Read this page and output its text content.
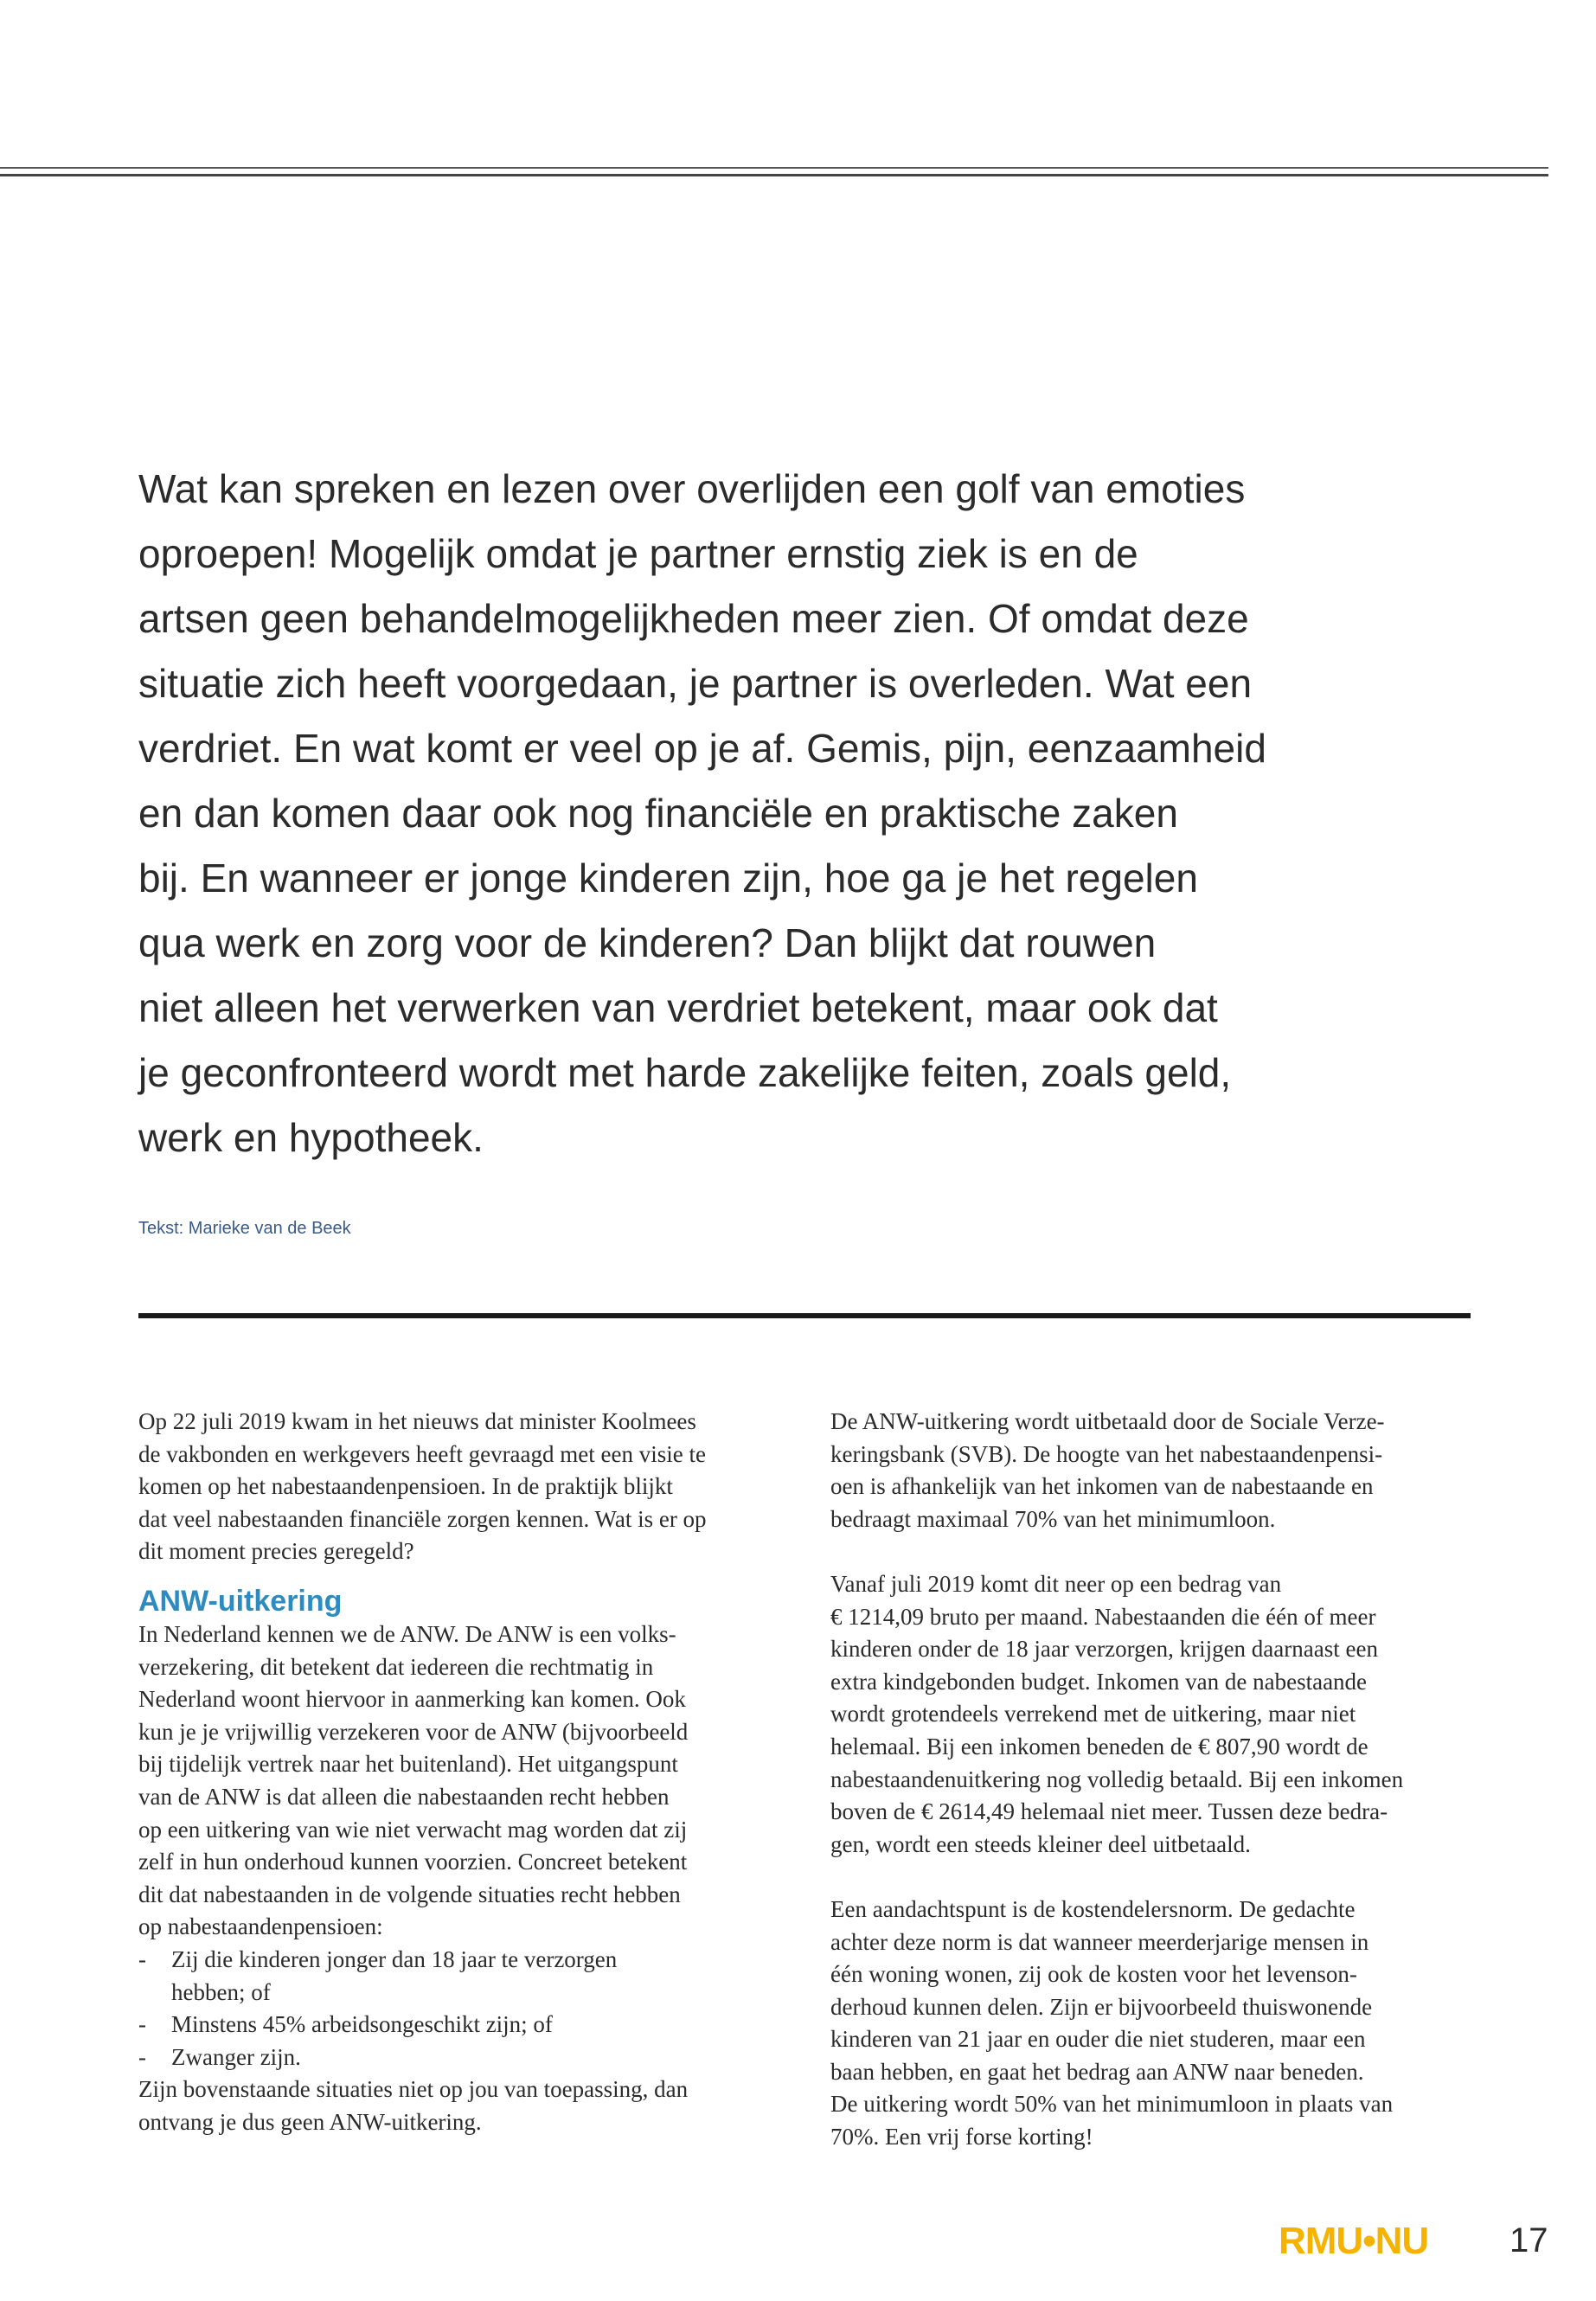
Wat kan spreken en lezen over overlijden een golf van emoties
oproepen! Mogelijk omdat je partner ernstig ziek is en de
artsen geen behandelmogelijkheden meer zien. Of omdat deze
situatie zich heeft voorgedaan, je partner is overleden. Wat een
verdriet. En wat komt er veel op je af. Gemis, pijn, eenzaamheid
en dan komen daar ook nog financiële en praktische zaken
bij. En wanneer er jonge kinderen zijn, hoe ga je het regelen
qua werk en zorg voor de kinderen? Dan blijkt dat rouwen
niet alleen het verwerken van verdriet betekent, maar ook dat
je geconfronteerd wordt met harde zakelijke feiten, zoals geld,
werk en hypotheek.
Tekst: Marieke van de Beek
Op 22 juli 2019 kwam in het nieuws dat minister Koolmees
de vakbonden en werkgevers heeft gevraagd met een visie te
komen op het nabestaandenpensioen. In de praktijk blijkt
dat veel nabestaanden financiële zorgen kennen. Wat is er op
dit moment precies geregeld?
ANW-uitkering
In Nederland kennen we de ANW. De ANW is een volks-
verzekering, dit betekent dat iedereen die rechtmatig in
Nederland woont hiervoor in aanmerking kan komen. Ook
kun je je vrijwillig verzekeren voor de ANW (bijvoorbeeld
bij tijdelijk vertrek naar het buitenland). Het uitgangspunt
van de ANW is dat alleen die nabestaanden recht hebben
op een uitkering van wie niet verwacht mag worden dat zij
zelf in hun onderhoud kunnen voorzien. Concreet betekent
dit dat nabestaanden in de volgende situaties recht hebben
op nabestaandenpensioen:
- Zij die kinderen jonger dan 18 jaar te verzorgen
hebben; of
- Minstens 45% arbeidsongeschikt zijn; of
- Zwanger zijn.
Zijn bovenstaande situaties niet op jou van toepassing, dan
ontvang je dus geen ANW-uitkering.
De ANW-uitkering wordt uitbetaald door de Sociale Verze-
keringsbank (SVB). De hoogte van het nabestaandenpensi-
oen is afhankelijk van het inkomen van de nabestaande en
bedraagt maximaal 70% van het minimumloon.
Vanaf juli 2019 komt dit neer op een bedrag van
€ 1214,09 bruto per maand. Nabestaanden die één of meer
kinderen onder de 18 jaar verzorgen, krijgen daarnaast een
extra kindgebonden budget. Inkomen van de nabestaande
wordt grotendeels verrekend met de uitkering, maar niet
helemaal. Bij een inkomen beneden de € 807,90 wordt de
nabestaandenuitkering nog volledig betaald. Bij een inkomen
boven de € 2614,49 helemaal niet meer. Tussen deze bedra-
gen, wordt een steeds kleiner deel uitbetaald.
Een aandachtspunt is de kostendelersnorm. De gedachte
achter deze norm is dat wanneer meerderjarige mensen in
één woning wonen, zij ook de kosten voor het levenson-
derhoud kunnen delen. Zijn er bijvoorbeeld thuiswonende
kinderen van 21 jaar en ouder die niet studeren, maar een
baan hebben, en gaat het bedrag aan ANW naar beneden.
De uitkering wordt 50% van het minimumloon in plaats van
70%. Een vrij forse korting!
RMU•NU 17
